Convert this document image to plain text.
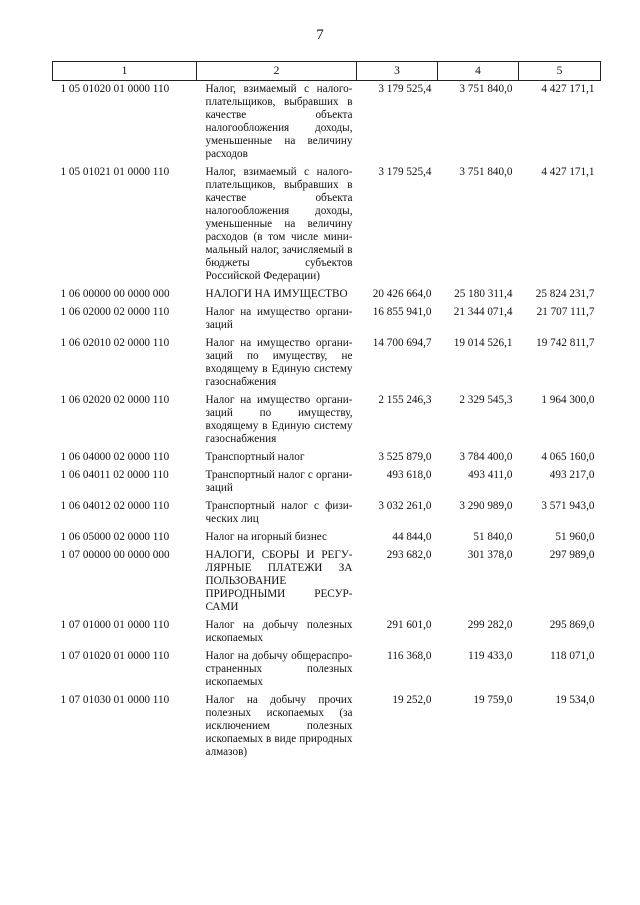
7
1	2	3	4	5
1 05 01020 01 0000 110	Налог, взимаемый с налогоплательщиков, выбравших в качестве объекта налогообложения доходы, уменьшенные на величину расходов	3 179 525,4	3 751 840,0	4 427 171,1
1 05 01021 01 0000 110	Налог, взимаемый с налогоплательщиков, выбравших в качестве объекта налогообложения доходы, уменьшенные на величину расходов (в том числе минимальный налог, зачисляемый в бюджеты субъектов Российской Федерации)	3 179 525,4	3 751 840,0	4 427 171,1
1 06 00000 00 0000 000	НАЛОГИ НА ИМУЩЕСТВО	20 426 664,0	25 180 311,4	25 824 231,7
1 06 02000 02 0000 110	Налог на имущество организаций	16 855 941,0	21 344 071,4	21 707 111,7
1 06 02010 02 0000 110	Налог на имущество организаций по имуществу, не входящему в Единую систему газоснабжения	14 700 694,7	19 014 526,1	19 742 811,7
1 06 02020 02 0000 110	Налог на имущество организаций по имуществу, входящему в Единую систему газоснабжения	2 155 246,3	2 329 545,3	1 964 300,0
1 06 04000 02 0000 110	Транспортный налог	3 525 879,0	3 784 400,0	4 065 160,0
1 06 04011 02 0000 110	Транспортный налог с организаций	493 618,0	493 411,0	493 217,0
1 06 04012 02 0000 110	Транспортный налог с физических лиц	3 032 261,0	3 290 989,0	3 571 943,0
1 06 05000 02 0000 110	Налог на игорный бизнес	44 844,0	51 840,0	51 960,0
1 07 00000 00 0000 000	НАЛОГИ, СБОРЫ И РЕГУЛЯРНЫЕ ПЛАТЕЖИ ЗА ПОЛЬЗОВАНИЕ ПРИРОДНЫМИ РЕСУРСАМИ	293 682,0	301 378,0	297 989,0
1 07 01000 01 0000 110	Налог на добычу полезных ископаемых	291 601,0	299 282,0	295 869,0
1 07 01020 01 0000 110	Налог на добычу общераспространенных полезных ископаемых	116 368,0	119 433,0	118 071,0
1 07 01030 01 0000 110	Налог на добычу прочих полезных ископаемых (за исключением полезных ископаемых в виде природных алмазов)	19 252,0	19 759,0	19 534,0
